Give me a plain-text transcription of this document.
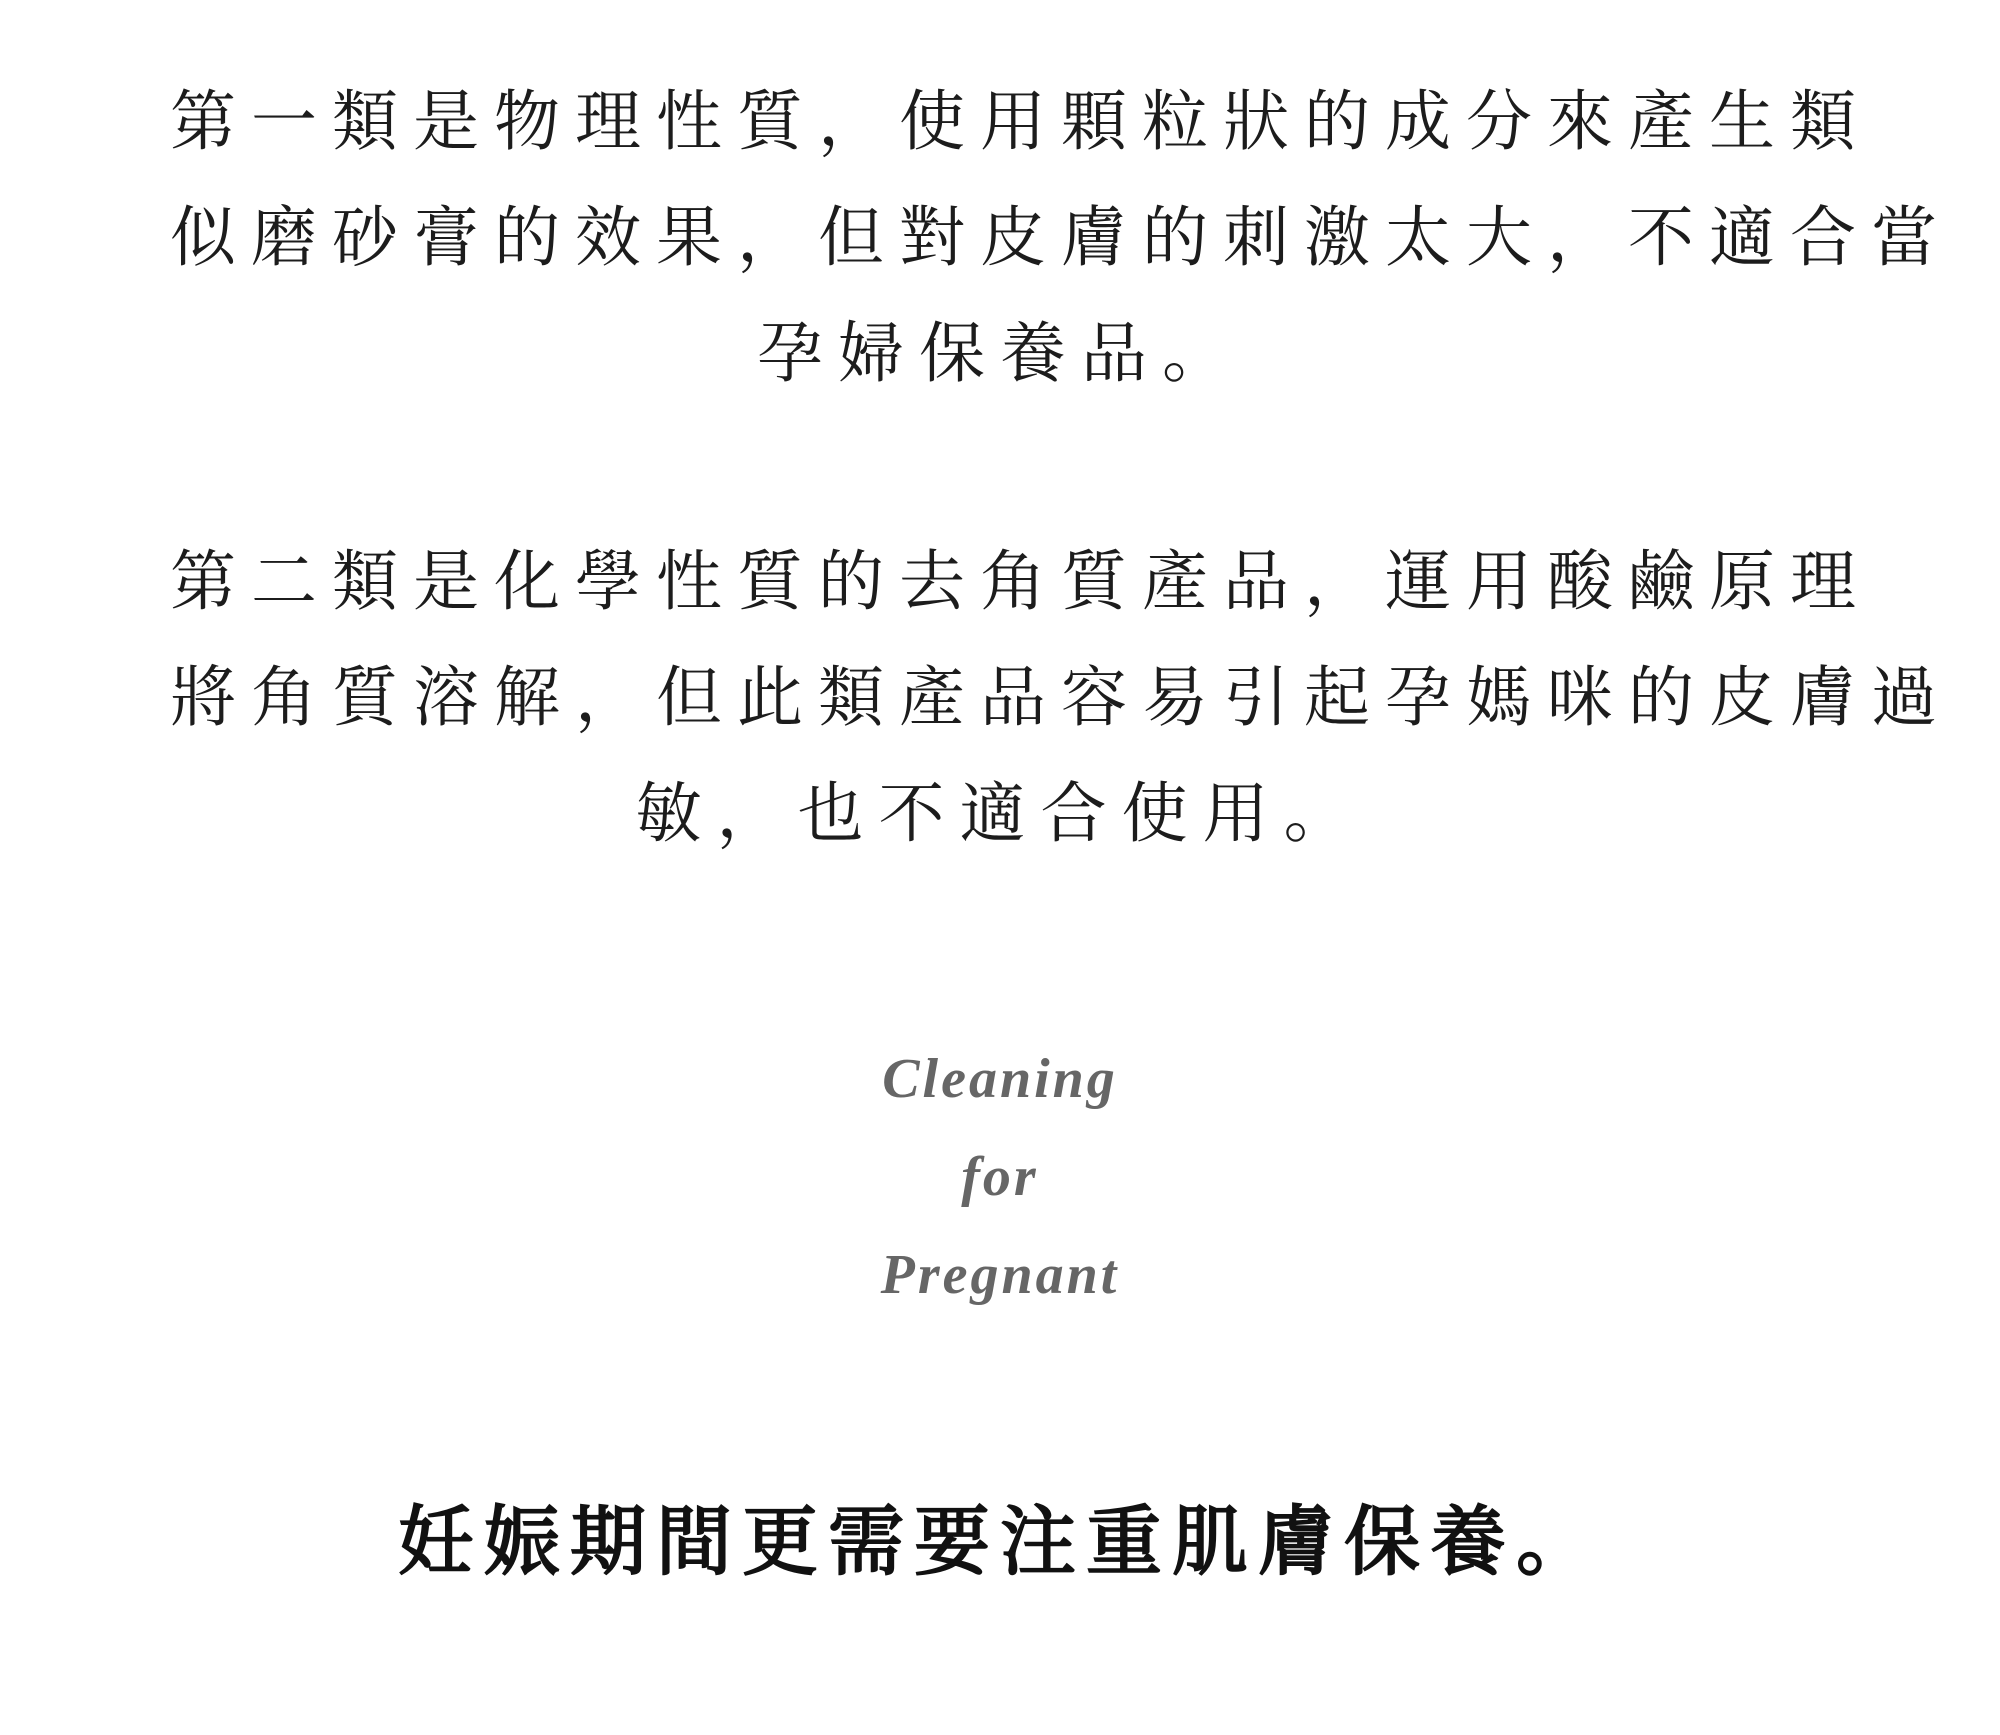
第一類是物理性質，使用顆粒狀的成分來產生類
似磨砂膏的效果，但對皮膚的刺激太大，不適合當
孕婦保養品。

第二類是化學性質的去角質產品，運用酸鹼原理
將角質溶解，但此類產品容易引起孕媽咪的皮膚過
敏，也不適合使用。

Cleaning
for
Pregnant
妊娠期間更需要注重肌膚保養。
